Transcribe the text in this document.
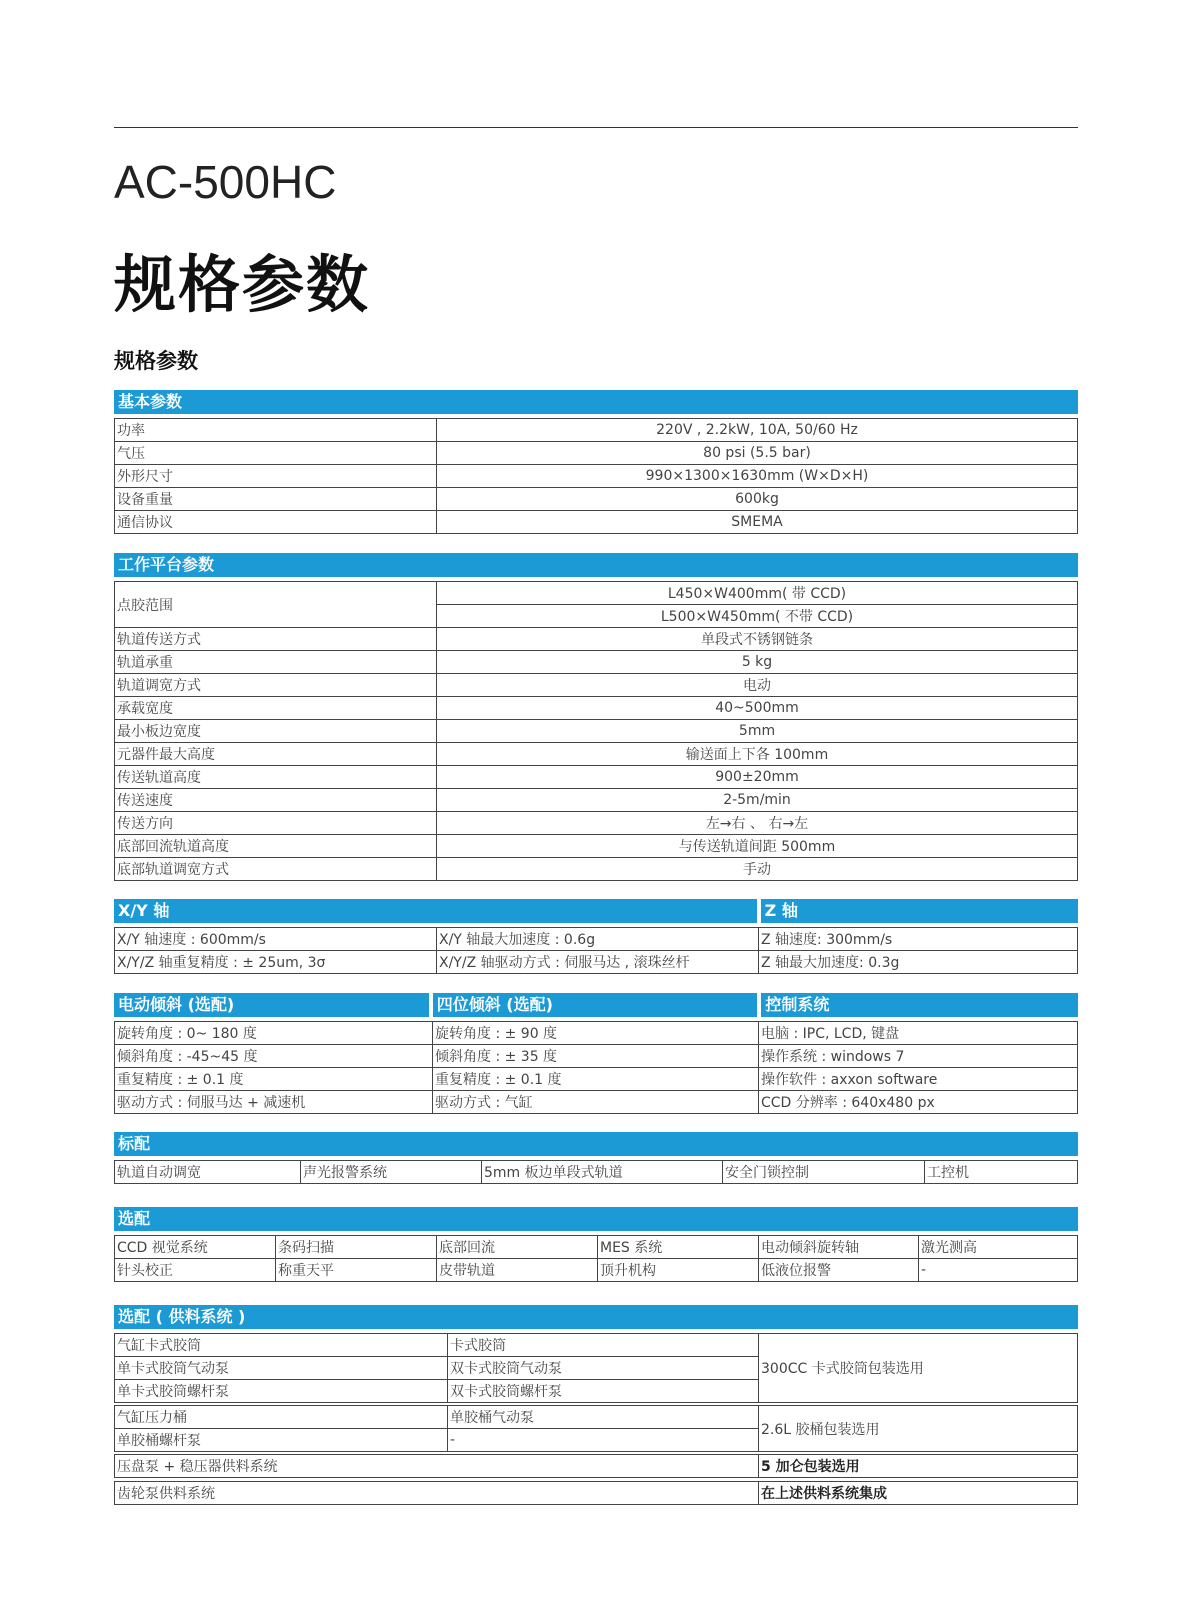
AC-500HC
规格参数
规格参数
基本参数
功率	220V , 2.2kW, 10A, 50/60 Hz
气压	80 psi (5.5 bar)
外形尺寸	990×1300×1630mm (W×D×H)
设备重量	600kg
通信协议	SMEMA
工作平台参数
点胶范围	L450×W400mm( 带 CCD)
	L500×W450mm( 不带 CCD)
轨道传送方式	单段式不锈钢链条
轨道承重	5 kg
轨道调宽方式	电动
承载宽度	40~500mm
最小板边宽度	5mm
元器件最大高度	输送面上下各 100mm
传送轨道高度	900±20mm
传送速度	2-5m/min
传送方向	左→右 、 右→左
底部回流轨道高度	与传送轨道间距 500mm
底部轨道调宽方式	手动
X/Y 轴	Z 轴
X/Y 轴速度 : 600mm/s	X/Y 轴最大加速度 : 0.6g	Z 轴速度: 300mm/s
X/Y/Z 轴重复精度 : ± 25um, 3σ	X/Y/Z 轴驱动方式 : 伺服马达 , 滚珠丝杆	Z 轴最大加速度: 0.3g
电动倾斜 (选配)	四位倾斜 (选配)	控制系统
旋转角度 : 0~ 180 度	旋转角度 : ± 90 度	电脑 : IPC, LCD, 键盘
倾斜角度 : -45~45 度	倾斜角度 : ± 35 度	操作系统 : windows 7
重复精度 : ± 0.1 度	重复精度 : ± 0.1 度	操作软件 : axxon software
驱动方式 : 伺服马达 + 减速机	驱动方式 : 气缸	CCD 分辨率 : 640x480 px
标配
轨道自动调宽	声光报警系统	5mm 板边单段式轨道	安全门锁控制	工控机
选配
CCD 视觉系统	条码扫描	底部回流	MES 系统	电动倾斜旋转轴	激光测高
针头校正	称重天平	皮带轨道	顶升机构	低液位报警	-
选配 ( 供料系统 )
气缸卡式胶筒	卡式胶筒	300CC 卡式胶筒包装选用
单卡式胶筒气动泵	双卡式胶筒气动泵	
单卡式胶筒螺杆泵	双卡式胶筒螺杆泵	
气缸压力桶	单胶桶气动泵	2.6L 胶桶包装选用
单胶桶螺杆泵	-	
压盘泵 + 稳压器供料系统	5 加仑包装选用
齿轮泵供料系统	在上述供料系统集成
